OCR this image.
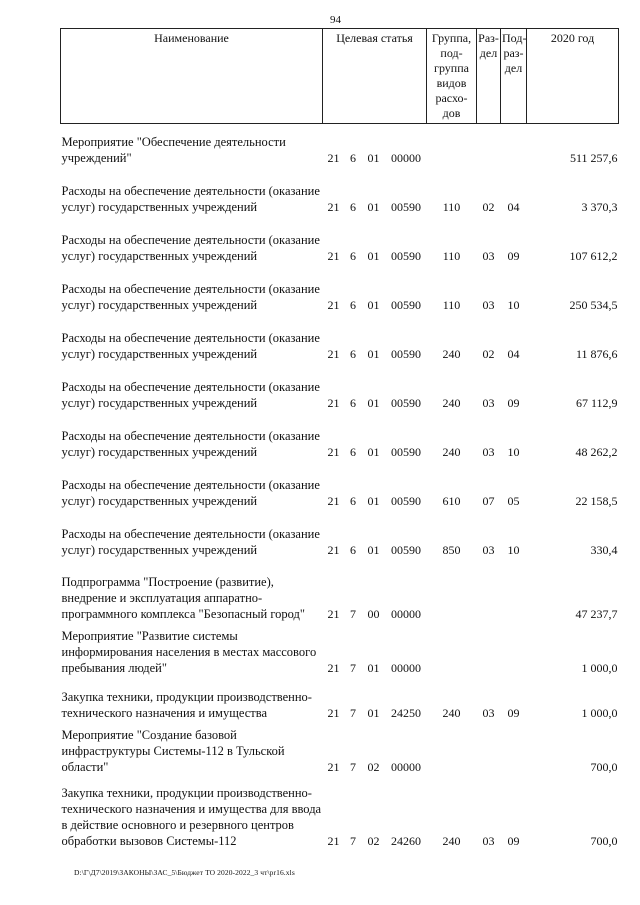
94
Наименование	Целевая статья				Группа, под-группа видов расхо-дов	Раз-дел	Под-раз-дел	2020 год
Мероприятие "Обеспечение деятельности учреждений"	21	6	01	00000				511 257,6
Расходы на обеспечение деятельности (оказание услуг) государственных учреждений	21	6	01	00590	110	02	04	3 370,3
Расходы на обеспечение деятельности (оказание услуг) государственных учреждений	21	6	01	00590	110	03	09	107 612,2
Расходы на обеспечение деятельности (оказание услуг) государственных учреждений	21	6	01	00590	110	03	10	250 534,5
Расходы на обеспечение деятельности (оказание услуг) государственных учреждений	21	6	01	00590	240	02	04	11 876,6
Расходы на обеспечение деятельности (оказание услуг) государственных учреждений	21	6	01	00590	240	03	09	67 112,9
Расходы на обеспечение деятельности (оказание услуг) государственных учреждений	21	6	01	00590	240	03	10	48 262,2
Расходы на обеспечение деятельности (оказание услуг) государственных учреждений	21	6	01	00590	610	07	05	22 158,5
Расходы на обеспечение деятельности (оказание услуг) государственных учреждений	21	6	01	00590	850	03	10	330,4
Подпрограмма "Построение (развитие), внедрение и эксплуатация аппаратно-программного комплекса "Безопасный город"	21	7	00	00000				47 237,7
Мероприятие "Развитие системы информирования населения в местах массового пребывания людей"	21	7	01	00000				1 000,0
Закупка техники, продукции производственно-технического назначения и имущества	21	7	01	24250	240	03	09	1 000,0
Мероприятие "Создание базовой инфраструктуры Системы-112 в Тульской области"	21	7	02	00000				700,0
Закупка техники, продукции производственно-технического назначения и имущества для ввода в действие основного и резервного центров обработки вызовов Системы-112	21	7	02	24260	240	03	09	700,0
D:\Г\Д7\2019\ЗАКОНЫ\ЗАС_5\Бюджет ТО 2020-2022_3 чт\pr16.xls
